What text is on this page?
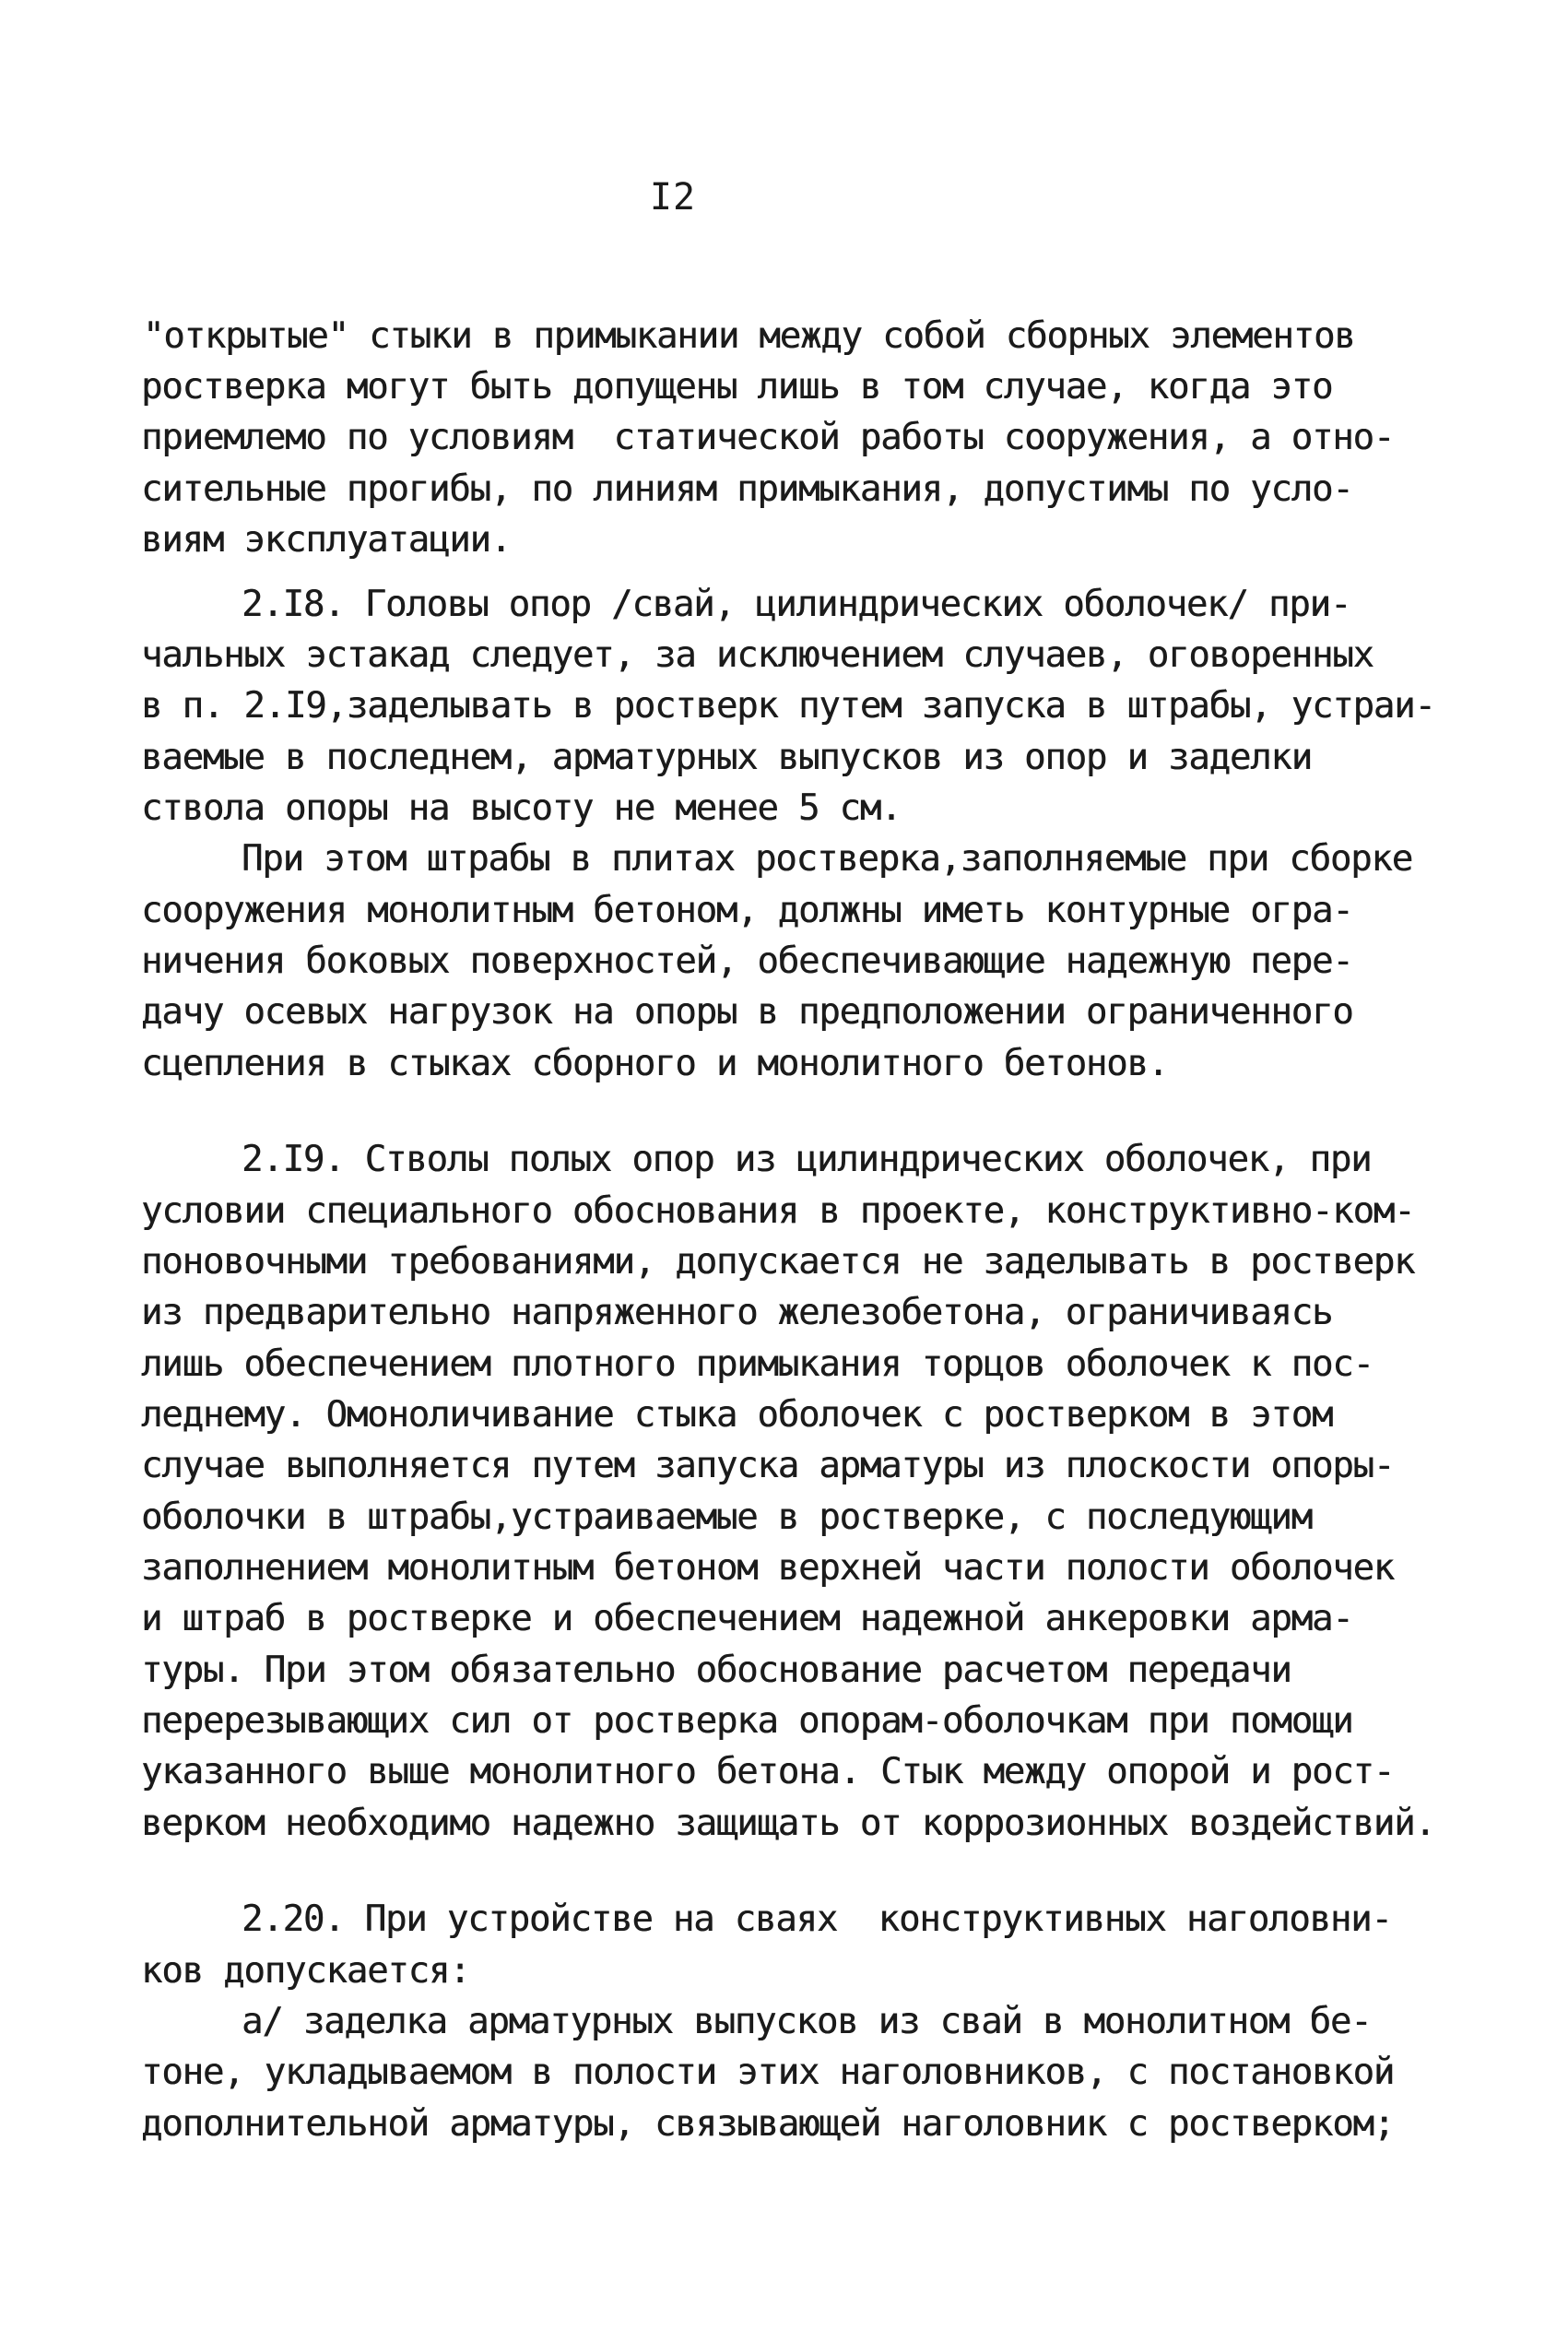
I2
"открытые" стыки в примыкании между собой сборных элементов
ростверка могут быть допущены лишь в том случае, когда это
приемлемо по условиям  статической работы сооружения, а отно-
сительные прогибы, по линиям примыкания, допустимы по усло-
виям эксплуатации.
2.I8. Головы опор /свай, цилиндрических оболочек/ при-
чальных эстакад следует, за исключением случаев, оговоренных
в п. 2.I9,заделывать в ростверк путем запуска в штрабы, устраи-
ваемые в последнем, арматурных выпусков из опор и заделки
ствола опоры на высоту не менее 5 см.
При этом штрабы в плитах ростверка,заполняемые при сборке
сооружения монолитным бетоном, должны иметь контурные огра-
ничения боковых поверхностей, обеспечивающие надежную пере-
дачу осевых нагрузок на опоры в предположении ограниченного
сцепления в стыках сборного и монолитного бетонов.
2.I9. Стволы полых опор из цилиндрических оболочек, при
условии специального обоснования в проекте, конструктивно-ком-
поновочными требованиями, допускается не заделывать в ростверк
из предварительно напряженного железобетона, ограничиваясь
лишь обеспечением плотного примыкания торцов оболочек к пос-
леднему. Омоноличивание стыка оболочек с ростверком в этом
случае выполняется путем запуска арматуры из плоскости опоры-
оболочки в штрабы,устраиваемые в ростверке, с последующим
заполнением монолитным бетоном верхней части полости оболочек
и штраб в ростверке и обеспечением надежной анкеровки арма-
туры. При этом обязательно обоснование расчетом передачи
перерезывающих сил от ростверка опорам-оболочкам при помощи
указанного выше монолитного бетона. Стык между опорой и рост-
верком необходимо надежно защищать от коррозионных воздействий.
2.20. При устройстве на сваях  конструктивных наголовни-
ков допускается:
а/ заделка арматурных выпусков из свай в монолитном бе-
тоне, укладываемом в полости этих наголовников, с постановкой
дополнительной арматуры, связывающей наголовник с ростверком;
